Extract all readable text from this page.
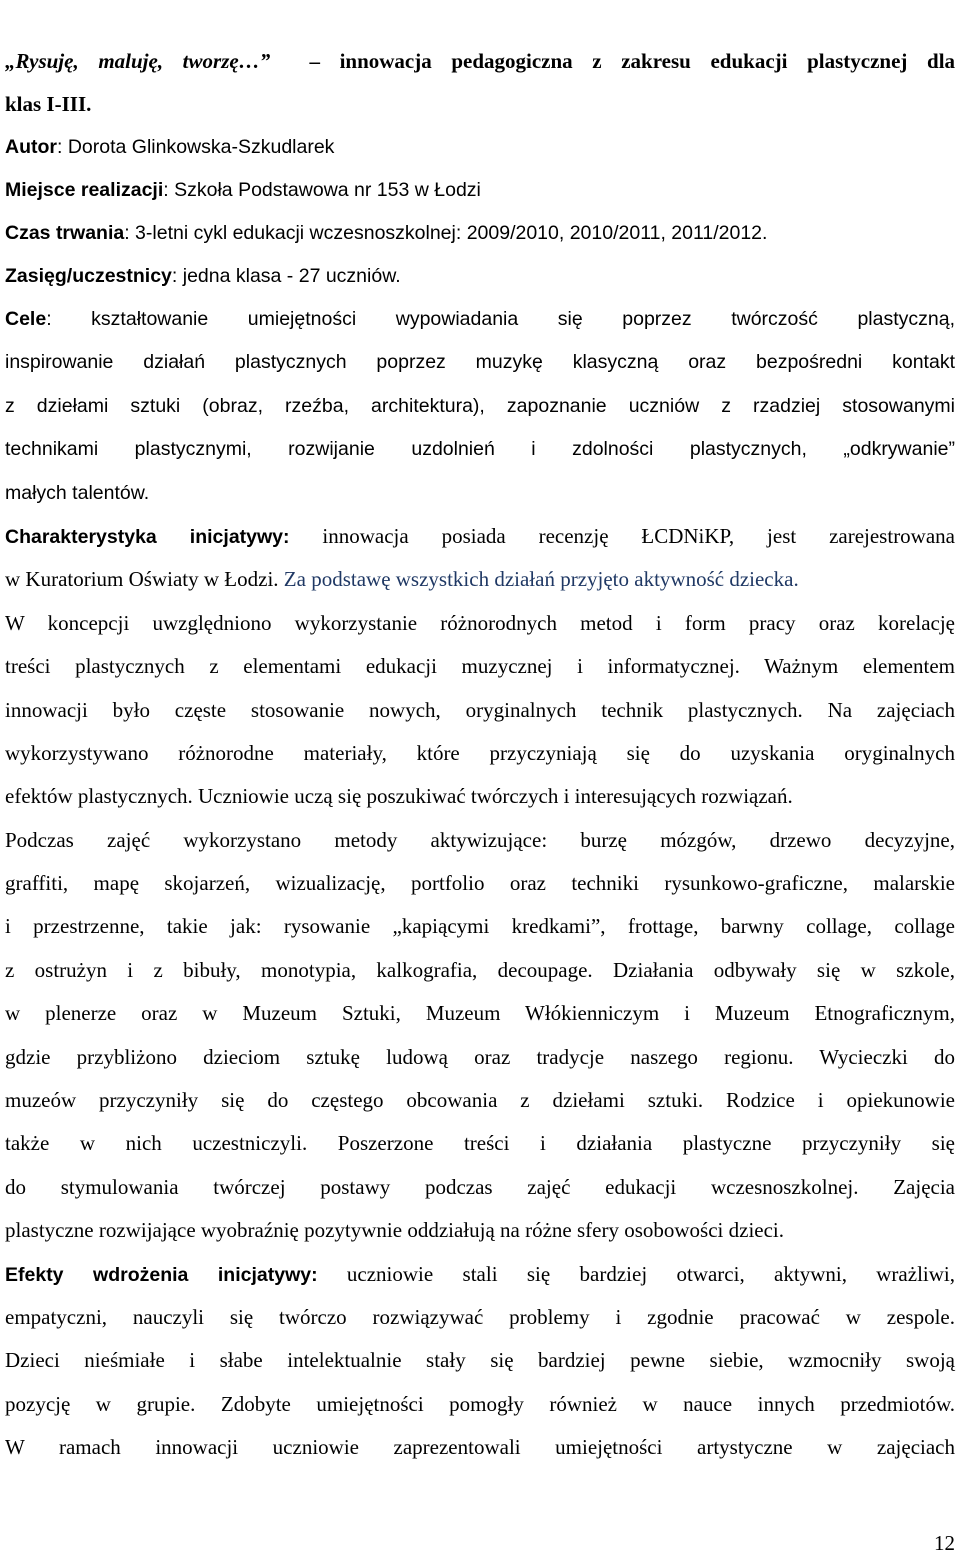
„Rysuję, maluję, tworzę…” – innowacja pedagogiczna z zakresu edukacji plastycznej dla
klas I-III.
Autor: Dorota Glinkowska-Szkudlarek
Miejsce realizacji: Szkoła Podstawowa nr 153 w Łodzi
Czas trwania: 3-letni cykl edukacji wczesnoszkolnej: 2009/2010, 2010/2011, 2011/2012.
Zasięg/uczestnicy: jedna klasa - 27 uczniów.
Cele: kształtowanie umiejętności wypowiadania się poprzez twórczość plastyczną,
inspirowanie działań plastycznych poprzez muzykę klasyczną oraz bezpośredni kontakt
z dziełami sztuki (obraz, rzeźba, architektura), zapoznanie uczniów z rzadziej stosowanymi
technikami plastycznymi, rozwijanie uzdolnień i zdolności plastycznych, „odkrywanie”
małych talentów.
Charakterystyka inicjatywy: innowacja posiada recenzję ŁCDNiKP, jest zarejestrowana
w Kuratorium Oświaty w Łodzi. Za podstawę wszystkich działań przyjęto aktywność dziecka.
W koncepcji uwzględniono wykorzystanie różnorodnych metod i form pracy oraz korelację
treści plastycznych z elementami edukacji muzycznej i informatycznej. Ważnym elementem
innowacji było częste stosowanie nowych, oryginalnych technik plastycznych. Na zajęciach
wykorzystywano różnorodne materiały, które przyczyniają się do uzyskania oryginalnych
efektów plastycznych. Uczniowie uczą się poszukiwać twórczych i interesujących rozwiązań.
Podczas zajęć wykorzystano metody aktywizujące: burzę mózgów, drzewo decyzyjne,
graffiti, mapę skojarzeń, wizualizację, portfolio oraz techniki rysunkowo-graficzne, malarskie
i przestrzenne, takie jak: rysowanie „kapiącymi kredkami”, frottage, barwny collage, collage
z ostrużyn i z bibuły, monotypia, kalkografia, decoupage. Działania odbywały się w szkole,
w plenerze oraz w Muzeum Sztuki, Muzeum Włókienniczym i Muzeum Etnograficznym,
gdzie przybliżono dzieciom sztukę ludową oraz tradycje naszego regionu. Wycieczki do
muzeów przyczyniły się do częstego obcowania z dziełami sztuki. Rodzice i opiekunowie
także w nich uczestniczyli. Poszerzone treści i działania plastyczne przyczyniły się
do stymulowania twórczej postawy podczas zajęć edukacji wczesnoszkolnej. Zajęcia
plastyczne rozwijające wyobraźnię pozytywnie oddziałują na różne sfery osobowości dzieci.
Efekty wdrożenia inicjatywy: uczniowie stali się bardziej otwarci, aktywni, wrażliwi,
empatyczni, nauczyli się twórczo rozwiązywać problemy i zgodnie pracować w zespole.
Dzieci nieśmiałe i słabe intelektualnie stały się bardziej pewne siebie, wzmocniły swoją
pozycję w grupie. Zdobyte umiejętności pomogły również w nauce innych przedmiotów.
W ramach innowacji uczniowie zaprezentowali umiejętności artystyczne w zajęciach
12
